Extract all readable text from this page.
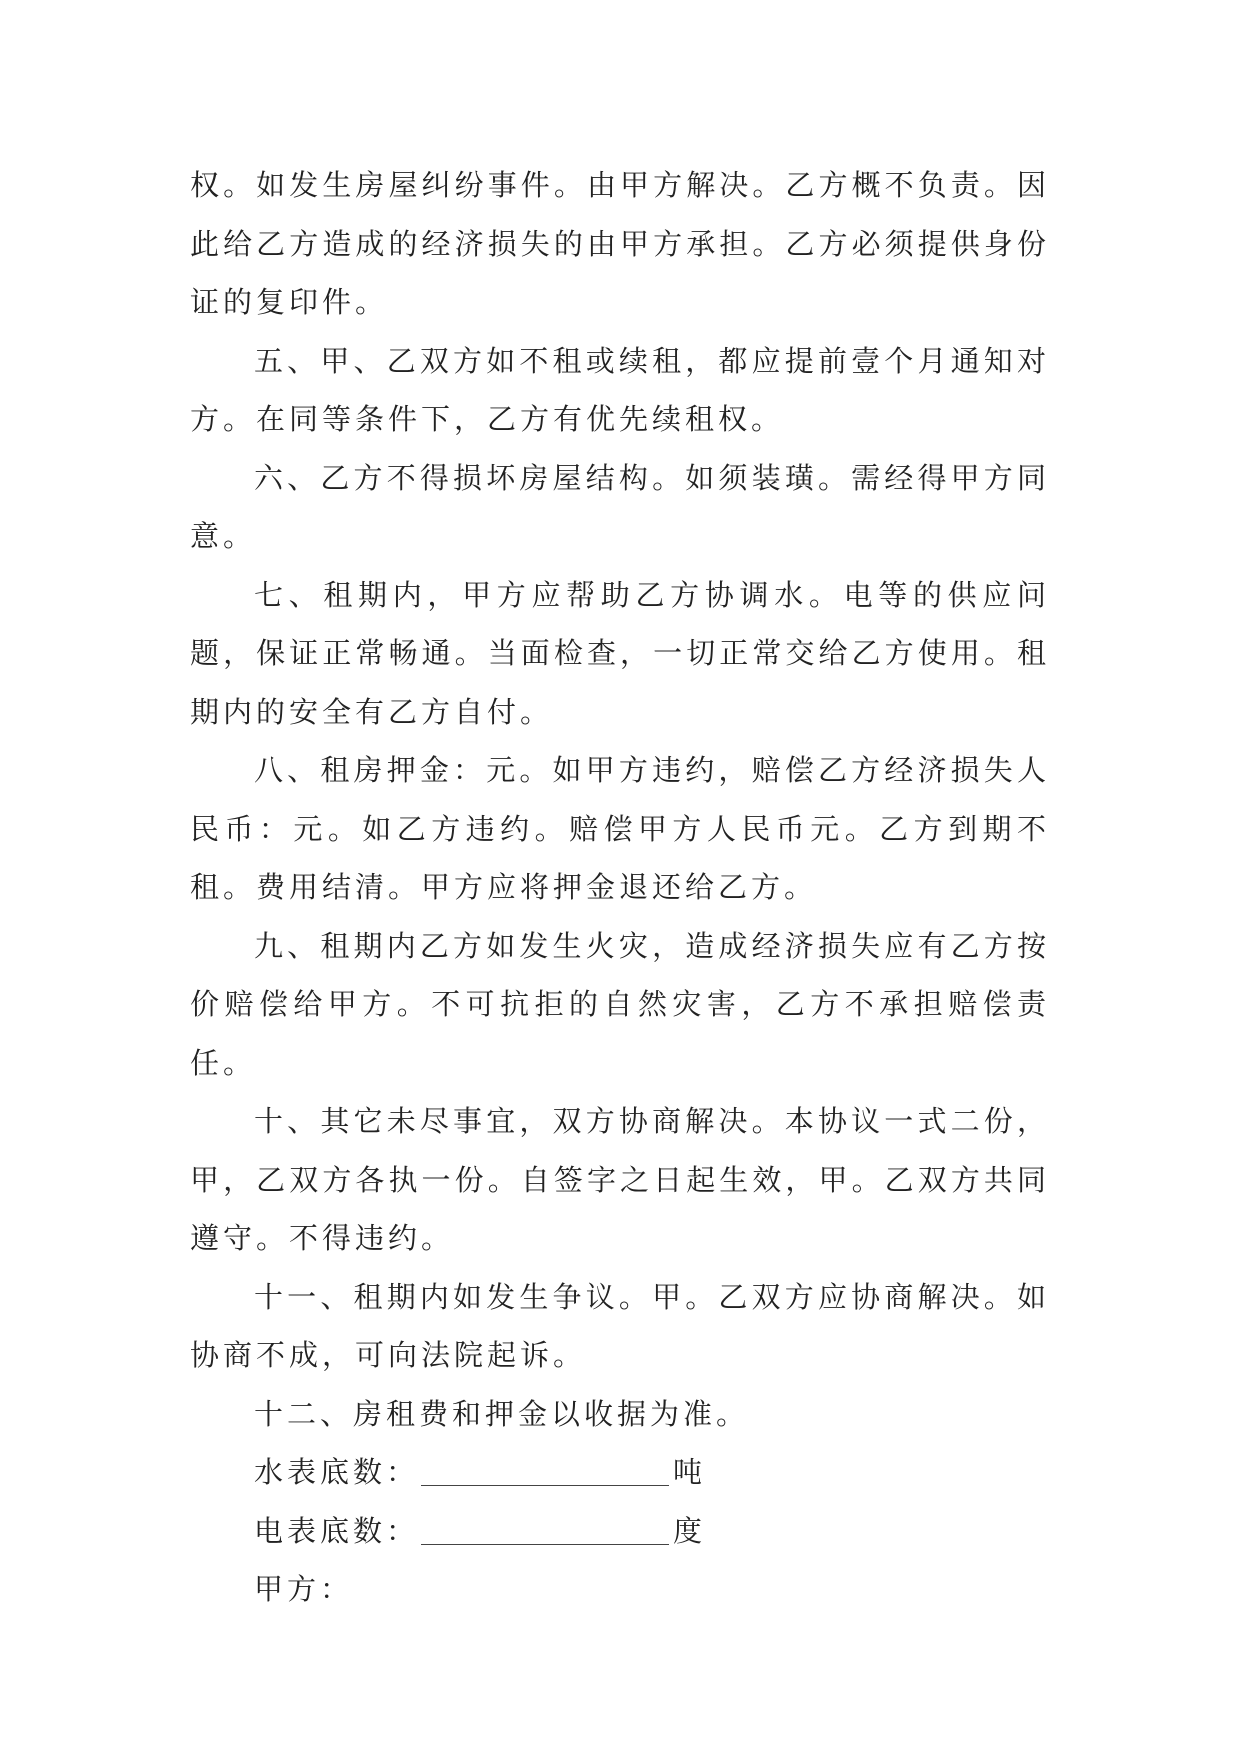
权。如发生房屋纠纷事件。由甲方解决。乙方概不负责。因此给乙方造成的经济损失的由甲方承担。乙方必须提供身份证的复印件。

五、甲、乙双方如不租或续租，都应提前壹个月通知对方。在同等条件下，乙方有优先续租权。

六、乙方不得损坏房屋结构。如须装璜。需经得甲方同意。

七、租期内，甲方应帮助乙方协调水。电等的供应问题，保证正常畅通。当面检查，一切正常交给乙方使用。租期内的安全有乙方自付。

八、租房押金：元。如甲方违约，赔偿乙方经济损失人民币：元。如乙方违约。赔偿甲方人民币元。乙方到期不租。费用结清。甲方应将押金退还给乙方。

九、租期内乙方如发生火灾，造成经济损失应有乙方按价赔偿给甲方。不可抗拒的自然灾害，乙方不承担赔偿责任。

十、其它未尽事宜，双方协商解决。本协议一式二份，甲，乙双方各执一份。自签字之日起生效，甲。乙双方共同遵守。不得违约。

十一、租期内如发生争议。甲。乙双方应协商解决。如协商不成，可向法院起诉。

十二、房租费和押金以收据为准。

水表底数：	吨

电表底数：	度

甲方：
